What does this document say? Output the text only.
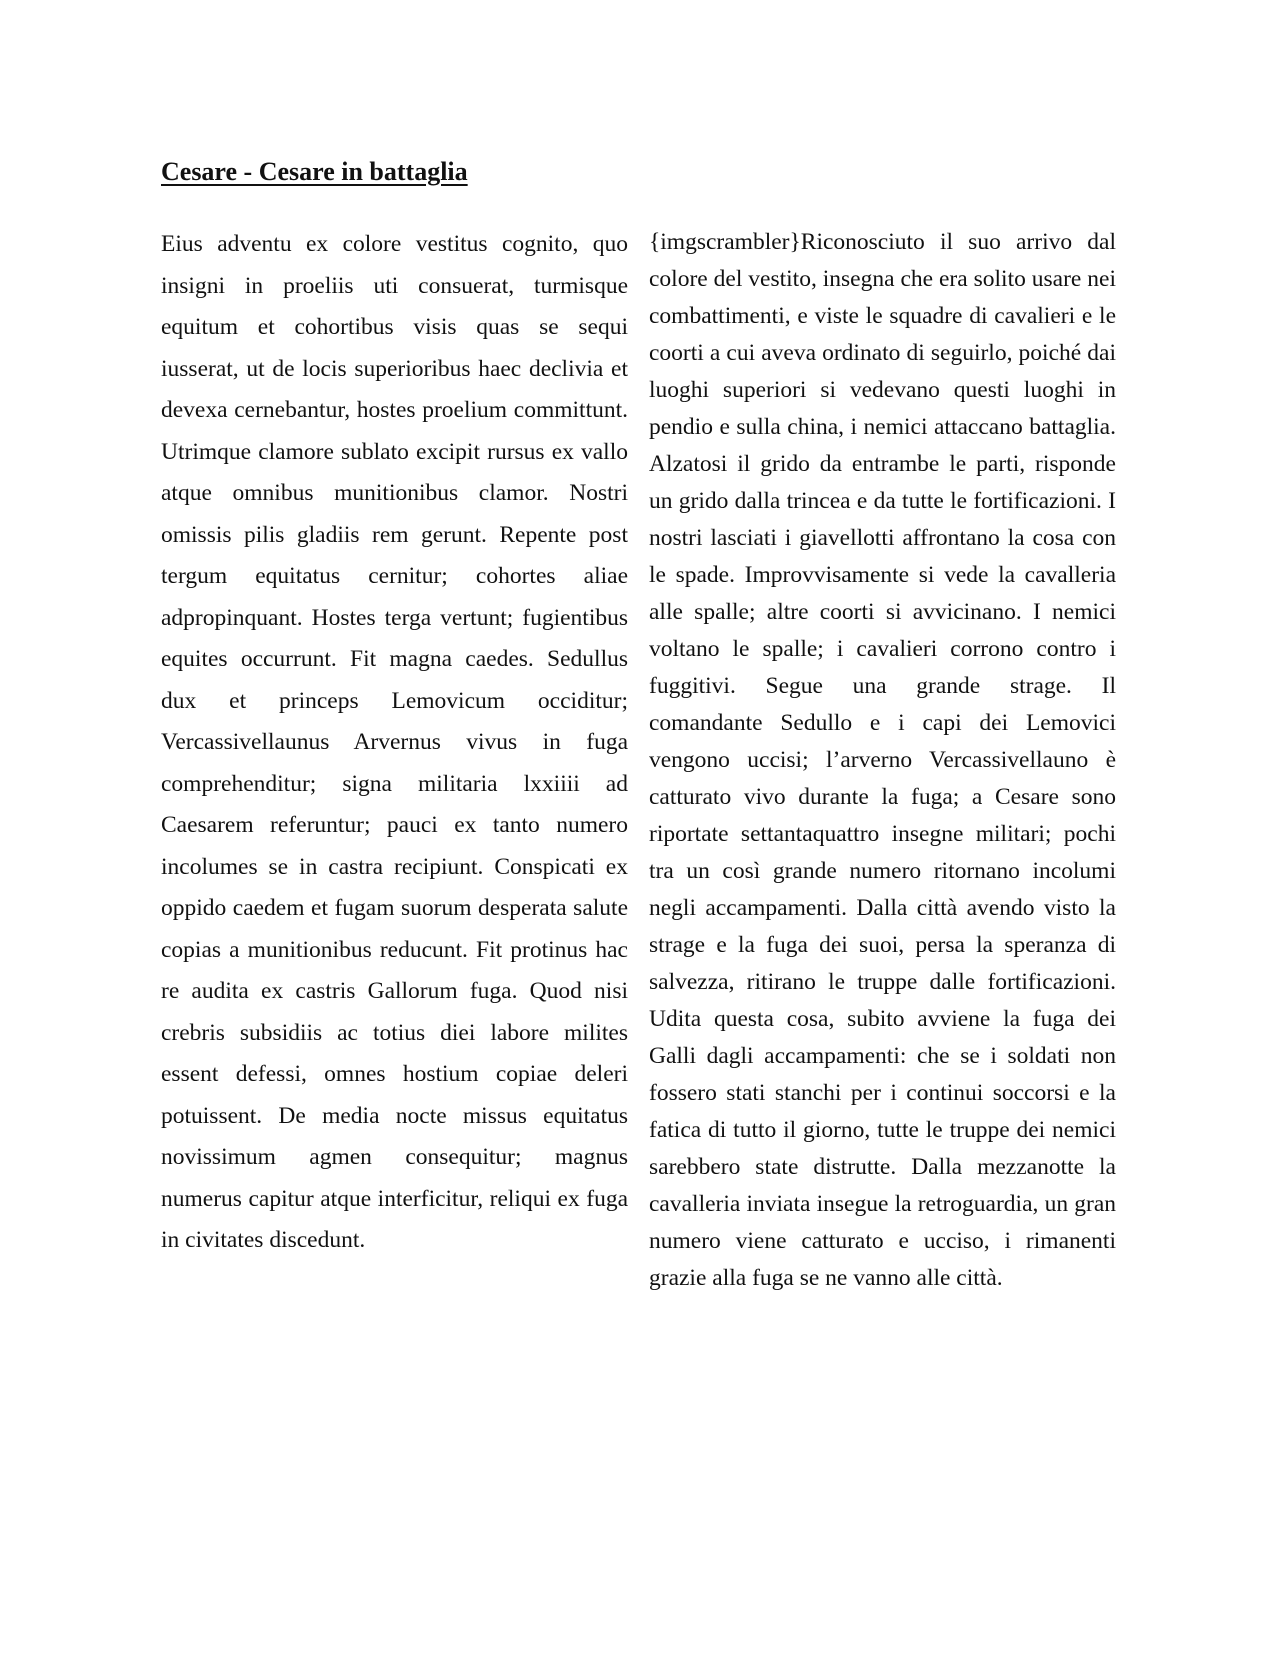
Cesare - Cesare in battaglia

Eius adventu ex colore vestitus cognito, quo insigni in proeliis uti consuerat, turmisque equitum et cohortibus visis quas se sequi iusserat, ut de locis superioribus haec declivia et devexa cernebantur, hostes proelium committunt. Utrimque clamore sublato excipit rursus ex vallo atque omnibus munitionibus clamor. Nostri omissis pilis gladiis rem gerunt. Repente post tergum equitatus cernitur; cohortes aliae adpropinquant. Hostes terga vertunt; fugientibus equites occurrunt. Fit magna caedes. Sedullus dux et princeps Lemovicum occiditur; Vercassivellaunus Arvernus vivus in fuga comprehenditur; signa militaria lxxiiii ad Caesarem referuntur; pauci ex tanto numero incolumes se in castra recipiunt. Conspicati ex oppido caedem et fugam suorum desperata salute copias a munitionibus reducunt. Fit protinus hac re audita ex castris Gallorum fuga. Quod nisi crebris subsidiis ac totius diei labore milites essent defessi, omnes hostium copiae deleri potuissent. De media nocte missus equitatus novissimum agmen consequitur; magnus numerus capitur atque interficitur, reliqui ex fuga in civitates discedunt.

{imgscrambler}Riconosciuto il suo arrivo dal colore del vestito, insegna che era solito usare nei combattimenti, e viste le squadre di cavalieri e le coorti a cui aveva ordinato di seguirlo, poiché dai luoghi superiori si vedevano questi luoghi in pendio e sulla china, i nemici attaccano battaglia. Alzatosi il grido da entrambe le parti, risponde un grido dalla trincea e da tutte le fortificazioni. I nostri lasciati i giavellotti affrontano la cosa con le spade. Improvvisamente si vede la cavalleria alle spalle; altre coorti si avvicinano. I nemici voltano le spalle; i cavalieri corrono contro i fuggitivi. Segue una grande strage. Il comandante Sedullo e i capi dei Lemovici vengono uccisi; l’arverno Vercassivellauno è catturato vivo durante la fuga; a Cesare sono riportate settantaquattro insegne militari; pochi tra un così grande numero ritornano incolumi negli accampamenti. Dalla città avendo visto la strage e la fuga dei suoi, persa la speranza di salvezza, ritirano le truppe dalle fortificazioni. Udita questa cosa, subito avviene la fuga dei Galli dagli accampamenti: che se i soldati non fossero stati stanchi per i continui soccorsi e la fatica di tutto il giorno, tutte le truppe dei nemici sarebbero state distrutte. Dalla mezzanotte la cavalleria inviata insegue la retroguardia, un gran numero viene catturato e ucciso, i rimanenti grazie alla fuga se ne vanno alle città.
